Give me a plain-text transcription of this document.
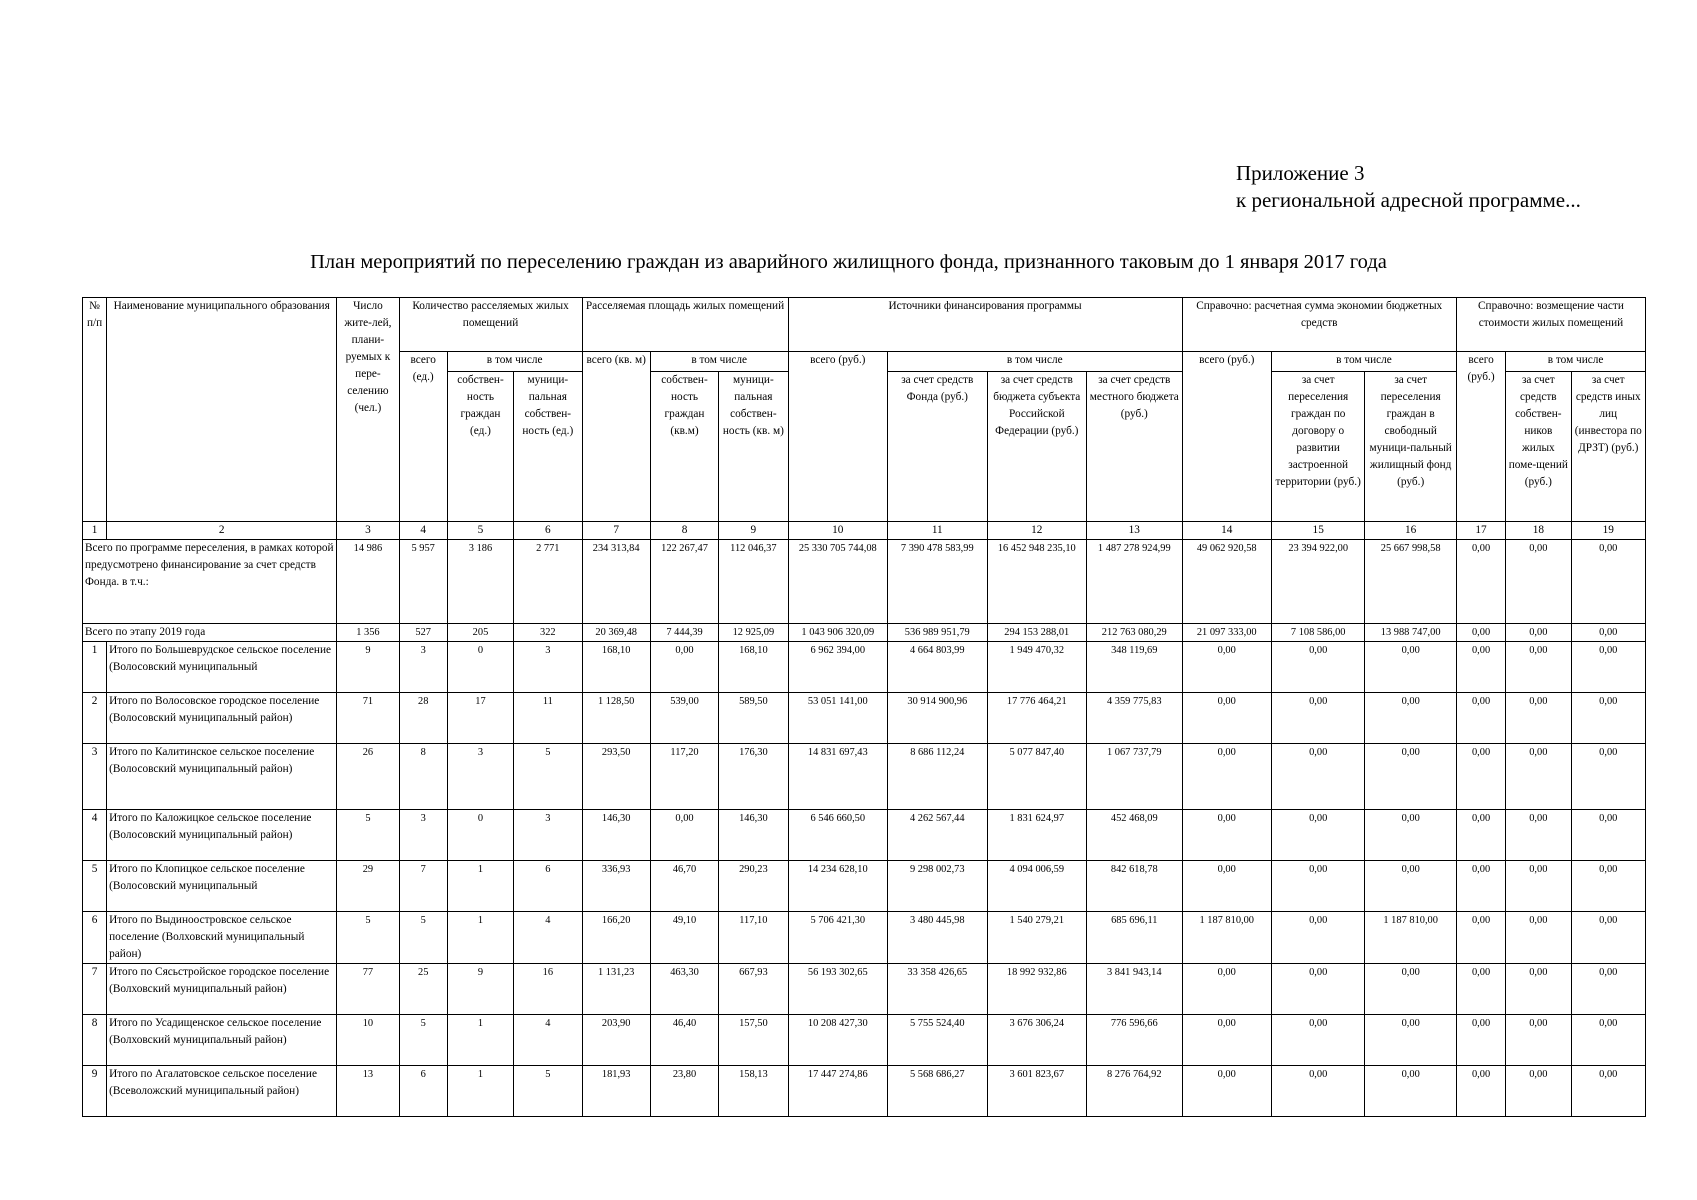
Приложение 3
к региональной адресной программе...
План мероприятий по переселению граждан из аварийного жилищного фонда, признанного таковым до 1 января 2017 года
№ п/п	Наименование муниципального образования	Число жите-лей, плани-руемых к пере-селению (чел.)	Количество расселяемых жилых помещений			Расселяемая площадь жилых помещений			Источники финансирования программы				Справочно: расчетная сумма экономии бюджетных средств			Справочно: возмещение части стоимости жилых помещений		
			всего (ед.)	в том числе		всего (кв. м)	в том числе		всего (руб.)	в том числе			всего (руб.)	в том числе		всего (руб.)	в том числе	
				собствен-ность граждан (ед.)	муници-пальная собствен-ность (ед.)		собствен-ность граждан (кв.м)	муници-пальная собствен-ность (кв. м)		за счет средств Фонда (руб.)	за счет средств бюджета субъекта Российской Федерации (руб.)	за счет средств местного бюджета (руб.)		за счет переселения граждан по договору о развитии застроенной территории (руб.)	за счет переселения граждан в свободный муници-пальный жилищный фонд (руб.)		за счет средств собствен-ников жилых поме-щений (руб.)	за счет средств иных лиц (инвестора по ДРЗТ) (руб.)
1	2	3	4	5	6	7	8	9	10	11	12	13	14	15	16	17	18	19
Всего по программе переселения, в рамках которой предусмотрено финансирование за счет средств Фонда. в т.ч.:		14 986	5 957	3 186	2 771	234 313,84	122 267,47	112 046,37	25 330 705 744,08	7 390 478 583,99	16 452 948 235,10	1 487 278 924,99	49 062 920,58	23 394 922,00	25 667 998,58	0,00	0,00	0,00
Всего по этапу 2019 года		1 356	527	205	322	20 369,48	7 444,39	12 925,09	1 043 906 320,09	536 989 951,79	294 153 288,01	212 763 080,29	21 097 333,00	7 108 586,00	13 988 747,00	0,00	0,00	0,00
1	Итого по Большеврудское сельское поселение (Волосовский муниципальный	9	3	0	3	168,10	0,00	168,10	6 962 394,00	4 664 803,99	1 949 470,32	348 119,69	0,00	0,00	0,00	0,00	0,00	0,00
2	Итого по Волосовское городское поселение (Волосовский муниципальный район)	71	28	17	11	1 128,50	539,00	589,50	53 051 141,00	30 914 900,96	17 776 464,21	4 359 775,83	0,00	0,00	0,00	0,00	0,00	0,00
3	Итого по Калитинское сельское поселение (Волосовский муниципальный район)	26	8	3	5	293,50	117,20	176,30	14 831 697,43	8 686 112,24	5 077 847,40	1 067 737,79	0,00	0,00	0,00	0,00	0,00	0,00
4	Итого по Каложицкое сельское поселение (Волосовский муниципальный район)	5	3	0	3	146,30	0,00	146,30	6 546 660,50	4 262 567,44	1 831 624,97	452 468,09	0,00	0,00	0,00	0,00	0,00	0,00
5	Итого по Клопицкое сельское поселение (Волосовский муниципальный	29	7	1	6	336,93	46,70	290,23	14 234 628,10	9 298 002,73	4 094 006,59	842 618,78	0,00	0,00	0,00	0,00	0,00	0,00
6	Итого по Выдиноостровское сельское поселение (Волховский муниципальный район)	5	5	1	4	166,20	49,10	117,10	5 706 421,30	3 480 445,98	1 540 279,21	685 696,11	1 187 810,00	0,00	1 187 810,00	0,00	0,00	0,00
7	Итого по Сясьстройское городское поселение (Волховский муниципальный район)	77	25	9	16	1 131,23	463,30	667,93	56 193 302,65	33 358 426,65	18 992 932,86	3 841 943,14	0,00	0,00	0,00	0,00	0,00	0,00
8	Итого по Усадищенское сельское поселение (Волховский муниципальный район)	10	5	1	4	203,90	46,40	157,50	10 208 427,30	5 755 524,40	3 676 306,24	776 596,66	0,00	0,00	0,00	0,00	0,00	0,00
9	Итого по Агалатовское сельское поселение (Всеволожский муниципальный район)	13	6	1	5	181,93	23,80	158,13	17 447 274,86	5 568 686,27	3 601 823,67	8 276 764,92	0,00	0,00	0,00	0,00	0,00	0,00
